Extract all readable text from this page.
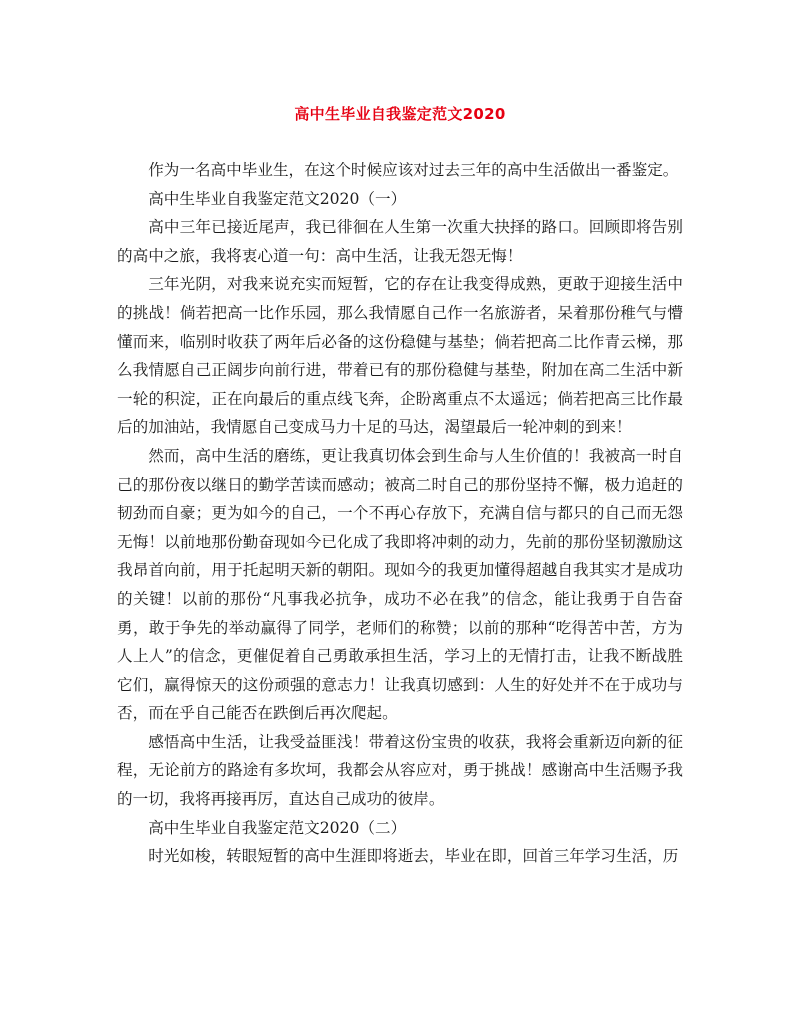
高中生毕业自我鉴定范文2020

作为一名高中毕业生，在这个时候应该对过去三年的高中生活做出一番鉴定。

高中生毕业自我鉴定范文2020（一）

高中三年已接近尾声，我已徘徊在人生第一次重大抉择的路口。回顾即将告别的高中之旅，我将衷心道一句：高中生活，让我无怨无悔！

三年光阴，对我来说充实而短暂，它的存在让我变得成熟，更敢于迎接生活中的挑战！倘若把高一比作乐园，那么我情愿自己作一名旅游者，呆着那份稚气与懵懂而来，临别时收获了两年后必备的这份稳健与基垫；倘若把高二比作青云梯，那么我情愿自己正阔步向前行进，带着已有的那份稳健与基垫，附加在高二生活中新一轮的积淀，正在向最后的重点线飞奔，企盼离重点不太遥远；倘若把高三比作最后的加油站，我情愿自己变成马力十足的马达，渴望最后一轮冲刺的到来！

然而，高中生活的磨练，更让我真切体会到生命与人生价值的！我被高一时自己的那份夜以继日的勤学苦读而感动；被高二时自己的那份坚持不懈，极力追赶的韧劲而自豪；更为如今的自己，一个不再心存放下，充满自信与都只的自己而无怨无悔！以前地那份勤奋现如今已化成了我即将冲刺的动力，先前的那份坚韧激励这我昂首向前，用于托起明天新的朝阳。现如今的我更加懂得超越自我其实才是成功的关键！以前的那份“凡事我必抗争，成功不必在我”的信念，能让我勇于自告奋勇，敢于争先的举动赢得了同学，老师们的称赞；以前的那种“吃得苦中苦，方为人上人”的信念，更催促着自己勇敢承担生活，学习上的无情打击，让我不断战胜它们，赢得惊天的这份顽强的意志力！让我真切感到：人生的好处并不在于成功与否，而在乎自己能否在跌倒后再次爬起。

感悟高中生活，让我受益匪浅！带着这份宝贵的收获，我将会重新迈向新的征程，无论前方的路途有多坎坷，我都会从容应对，勇于挑战！感谢高中生活赐予我的一切，我将再接再厉，直达自己成功的彼岸。

高中生毕业自我鉴定范文2020（二）

时光如梭，转眼短暂的高中生涯即将逝去，毕业在即，回首三年学习生活，历
